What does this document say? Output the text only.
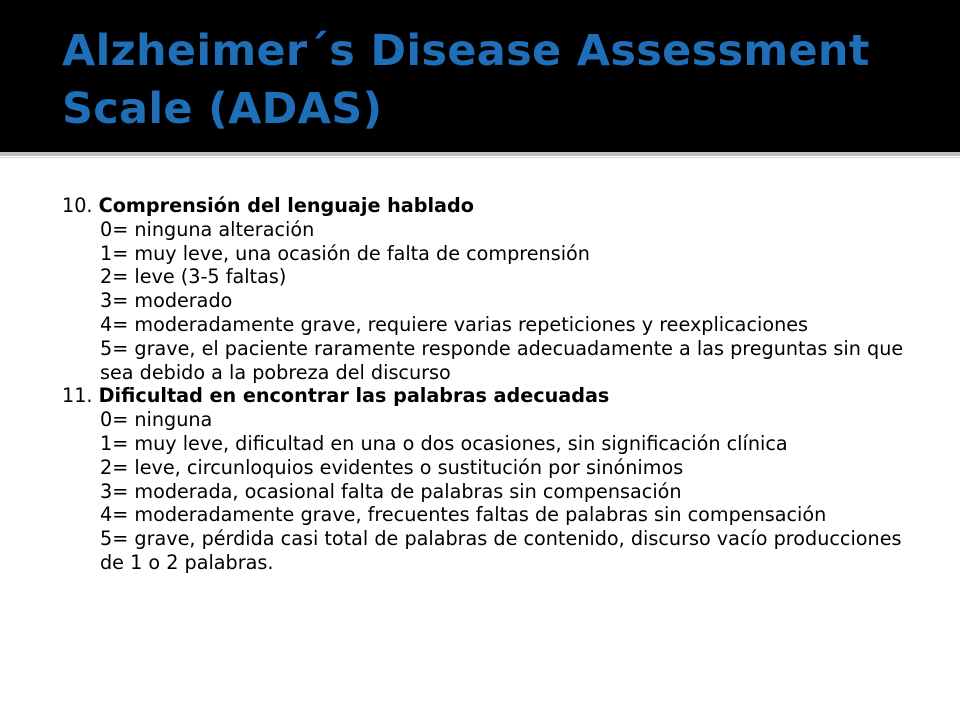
Alzheimer´s Disease Assessment Scale (ADAS)

10. Comprensión del lenguaje hablado

0= ninguna alteración

1= muy leve, una ocasión de falta de comprensión

2= leve (3-5 faltas)

3= moderado

4= moderadamente grave, requiere varias repeticiones y reexplicaciones

5= grave, el paciente raramente responde adecuadamente a las preguntas sin que sea debido a la pobreza del discurso

11. Dificultad en encontrar las palabras adecuadas

0= ninguna

1= muy leve, dificultad en una o dos ocasiones, sin significación clínica

2= leve, circunloquios evidentes o sustitución por sinónimos

3= moderada, ocasional falta de palabras sin compensación

4= moderadamente grave, frecuentes faltas de palabras sin compensación

5= grave, pérdida casi total de palabras de contenido, discurso vacío producciones     de 1 o 2 palabras.
